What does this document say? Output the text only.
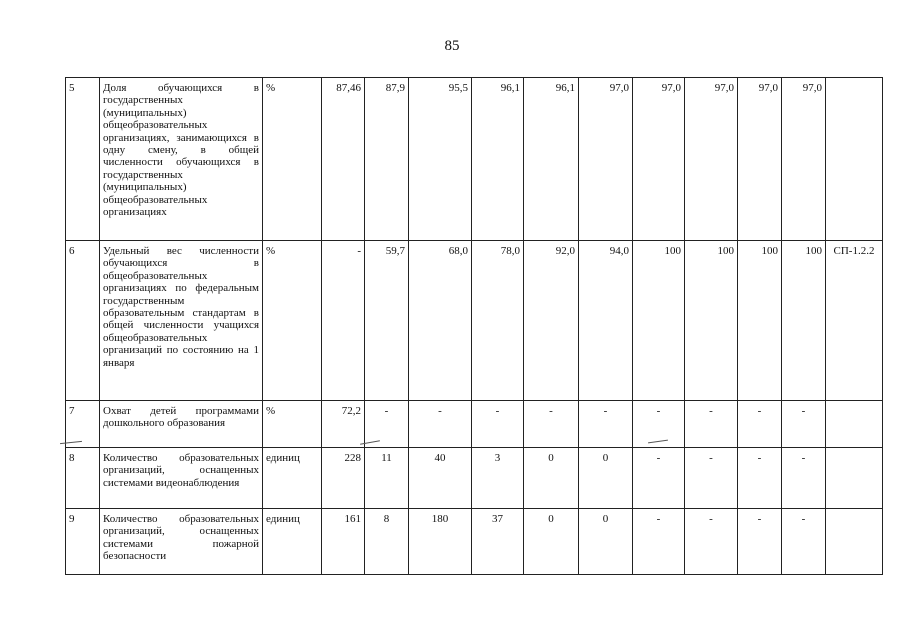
85
5	Доля обучающихся в государственных (муниципальных) общеобразовательных организациях, занимающихся в одну смену, в общей численности обучающихся в государственных (муниципальных) общеобразовательных организациях	%	87,46	87,9	95,5	96,1	96,1	97,0	97,0	97,0	97,0	97,0	
6	Удельный вес численности обучающихся в общеобразовательных организациях по федеральным государственным образовательным стандартам в общей численности учащихся общеобразовательных организаций по состоянию на 1 января	%	-	59,7	68,0	78,0	92,0	94,0	100	100	100	100	СП-1.2.2
7	Охват детей программами дошкольного образования	%	72,2	-	-	-	-	-	-	-	-	-	
8	Количество образовательных организаций, оснащенных системами видеонаблюдения	единиц	228	11	40	3	0	0	-	-	-	-	
9	Количество образовательных организаций, оснащенных системами пожарной безопасности	единиц	161	8	180	37	0	0	-	-	-	-	
